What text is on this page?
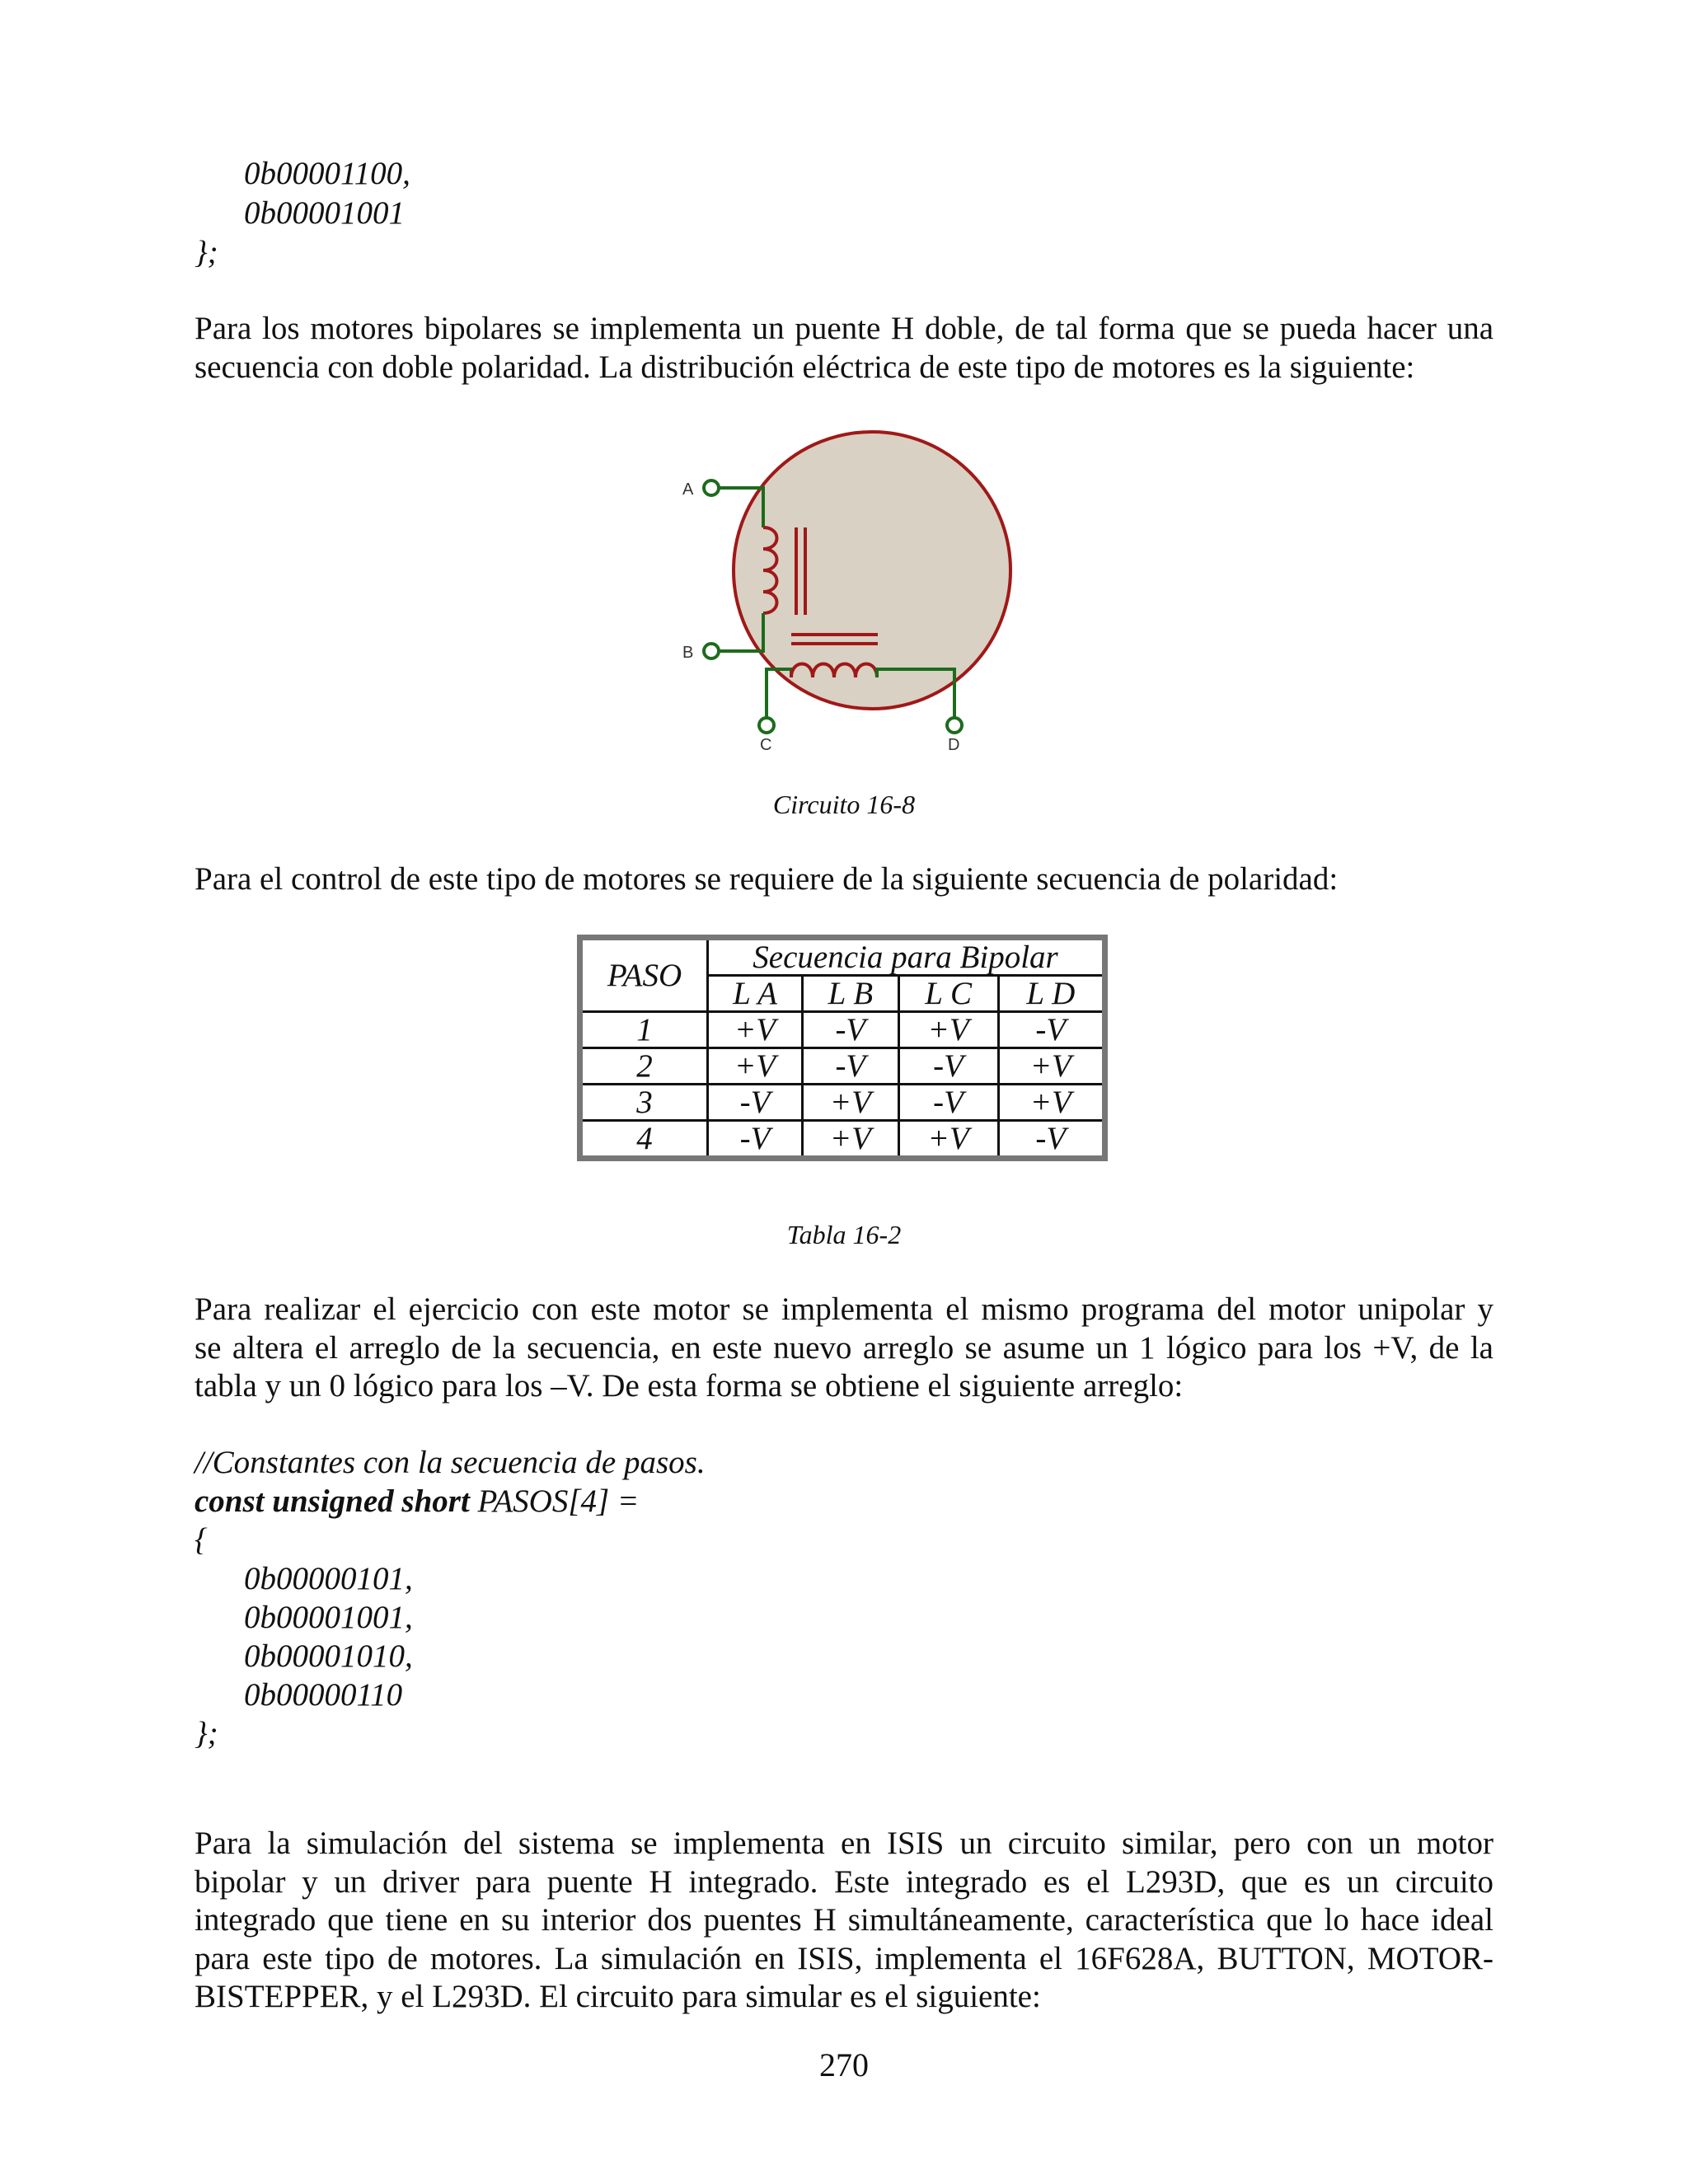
0b00001100,
0b00001001
};
Para los motores bipolares se implementa un puente H doble, de tal forma que se pueda hacer una
secuencia con doble polaridad. La distribución eléctrica de este tipo de motores es la siguiente:
A
B
C	D
Circuito 16-8
Para el control de este tipo de motores se requiere de la siguiente secuencia de polaridad:
PASO	Secuencia para Bipolar			
	L A	L B	L C	L D
1	+V	-V	+V	-V
2	+V	-V	-V	+V
3	-V	+V	-V	+V
4	-V	+V	+V	-V
Tabla 16-2
Para realizar el ejercicio con este motor se implementa el mismo programa del motor unipolar y
se altera el arreglo de la secuencia, en este nuevo arreglo se asume un 1 lógico para los +V, de la
tabla y un 0 lógico para los –V. De esta forma se obtiene el siguiente arreglo:
//Constantes con la secuencia de pasos.
const unsigned short PASOS[4] =
{
0b00000101,
0b00001001,
0b00001010,
0b00000110
};
Para la simulación del sistema se implementa en ISIS un circuito similar, pero con un motor
bipolar y un driver para puente H integrado. Este integrado es el L293D, que es un circuito
integrado que tiene en su interior dos puentes H simultáneamente, característica que lo hace ideal
para este tipo de motores. La simulación en ISIS, implementa el 16F628A, BUTTON, MOTOR-
BISTEPPER, y el L293D. El circuito para simular es el siguiente:
270
